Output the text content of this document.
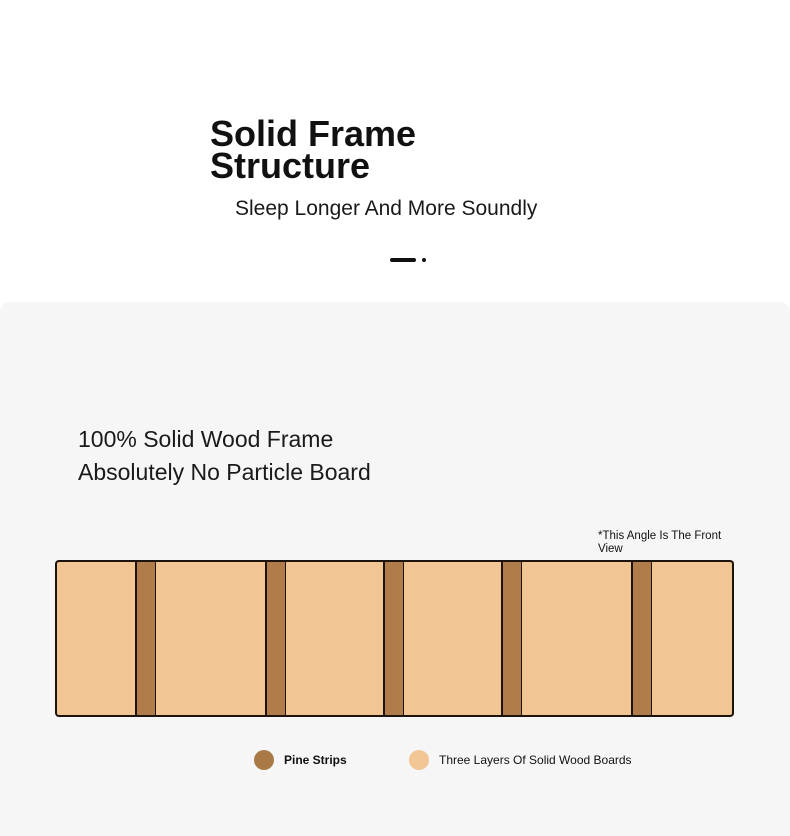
Solid Frame Structure

Sleep Longer And More Soundly

100% Solid Wood Frame
Absolutely No Particle Board
*This Angle Is The Front View
Pine Strips	Three Layers Of Solid Wood Boards
